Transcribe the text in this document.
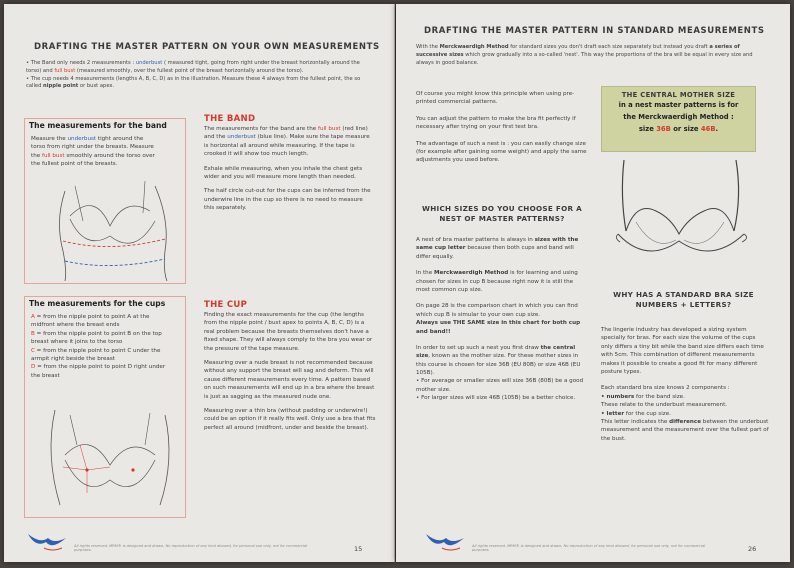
DRAFTING THE MASTER PATTERN ON YOUR OWN MEASUREMENTS
• The Band only needs 2 measurements : underbust ( measured tight, going from right under the breast horizontally around the torso) and full bust (measured smoothly, over the fullest point of the breast horizontally around the torso).
• The cup needs 4 measurements (lengths A, B, C, D) as in the illustration. Measure these 4 always from the fullest point, the so called nipple point or bust apex.
The measurements for the band
Measure the underbust tight around the torso from right under the breasts. Measure the full bust smoothly around the torso over the fullest point of the breasts.
THE BAND

The measurements for the band are the full bust (red line) and the underbust (blue line). Make sure the tape measure is horizontal all around while measuring. If the tape is crooked it will show too much length.

Exhale while measuring, when you inhale the chest gets wider and you will measure more length than needed.

The half circle cut-out for the cups can be inferred from the underwire line in the cup so there is no need to measure this separately.

The measurements for the cups
A = from the nipple point to point A at the midfront where the breast ends
B = from the nipple point to point B on the top breast where it joins to the torso
C = from the nipple point to point C under the armpit right beside the breast
D = from the nipple point to point D right under the breast
THE CUP

Finding the exact measurements for the cup (the lengths from the nipple point / bust apex to points A, B, C, D) is a real problem because the breasts themselves don't have a fixed shape. They will always comply to the bra you wear or the pressure of the tape measure.

Measuring over a nude breast is not recommended because without any support the breast will sag and deform. This will cause different measurements every time. A pattern based on such measurements will end up in a bra where the breast is just as sagging as the measured nude one.

Measuring over a thin bra (without padding or underwire!) could be an option if it really fits well. Only use a bra that fits perfect all around (midfront, under and beside the breast).

All rights reserved. MRM® is designed and drawn. No reproduction of any kind allowed, for personal use only, not for commercial purposes.	15
DRAFTING THE MASTER PATTERN IN STANDARD MEASUREMENTS
With the Merckwaerdigh Method for standard sizes you don't draft each size separately but instead you draft a series of successive sizes which grow gradually into a so-called 'nest'. This way the proportions of the bra will be equal in every size and always in good balance.

Of course you might know this principle when using pre-printed commercial patterns.

You can adjust the pattern to make the bra fit perfectly if necessary after trying on your first test bra.

The advantage of such a nest is : you can easily change size (for example after gaining some weight) and apply the same adjustments you used before.

WHICH SIZES DO YOU CHOOSE FOR A NEST OF MASTER PATTERNS?

A nest of bra master patterns is always in sizes with the same cup letter because then both cups and band will differ equally.

In the Merckwaerdigh Method is for learning and using chosen for sizes in cup B because right now it is still the most common cup size.

On page 28 is the comparison chart in which you can find which cup B is simular to your own cup size.

Always use THE SAME size in this chart for both cup and band!!

In order to set up such a nest you first draw the central size, known as the mother size. For these mother sizes in this course is chosen for size 36B (EU 80B) or size 46B (EU 105B).

• For average or smaller sizes will size 36B (80B) be a good mother size.

• For larger sizes will size 46B (105B) be a better choice.

THE CENTRAL MOTHER SIZE
in a nest master patterns is for
the Merckwaerdigh Method :
size 36B or size 46B.
WHY HAS A STANDARD BRA SIZE NUMBERS + LETTERS?

The lingerie industry has developed a sizing system specially for bras. For each size the volume of the cups only differs a tiny bit while the band size differs each time with 5cm. This combination of different measurements makes it possible to create a good fit for many different posture types.

Each standard bra size knows 2 components :

• numbers for the band size.

These relate to the underbust measurement.

• letter for the cup size.

This letter indicates the difference between the underbust measurement and the measurement over the fullest part of the bust.

All rights reserved. MRM® is designed and drawn. No reproduction of any kind allowed, for personal use only, not for commercial purposes.	26
